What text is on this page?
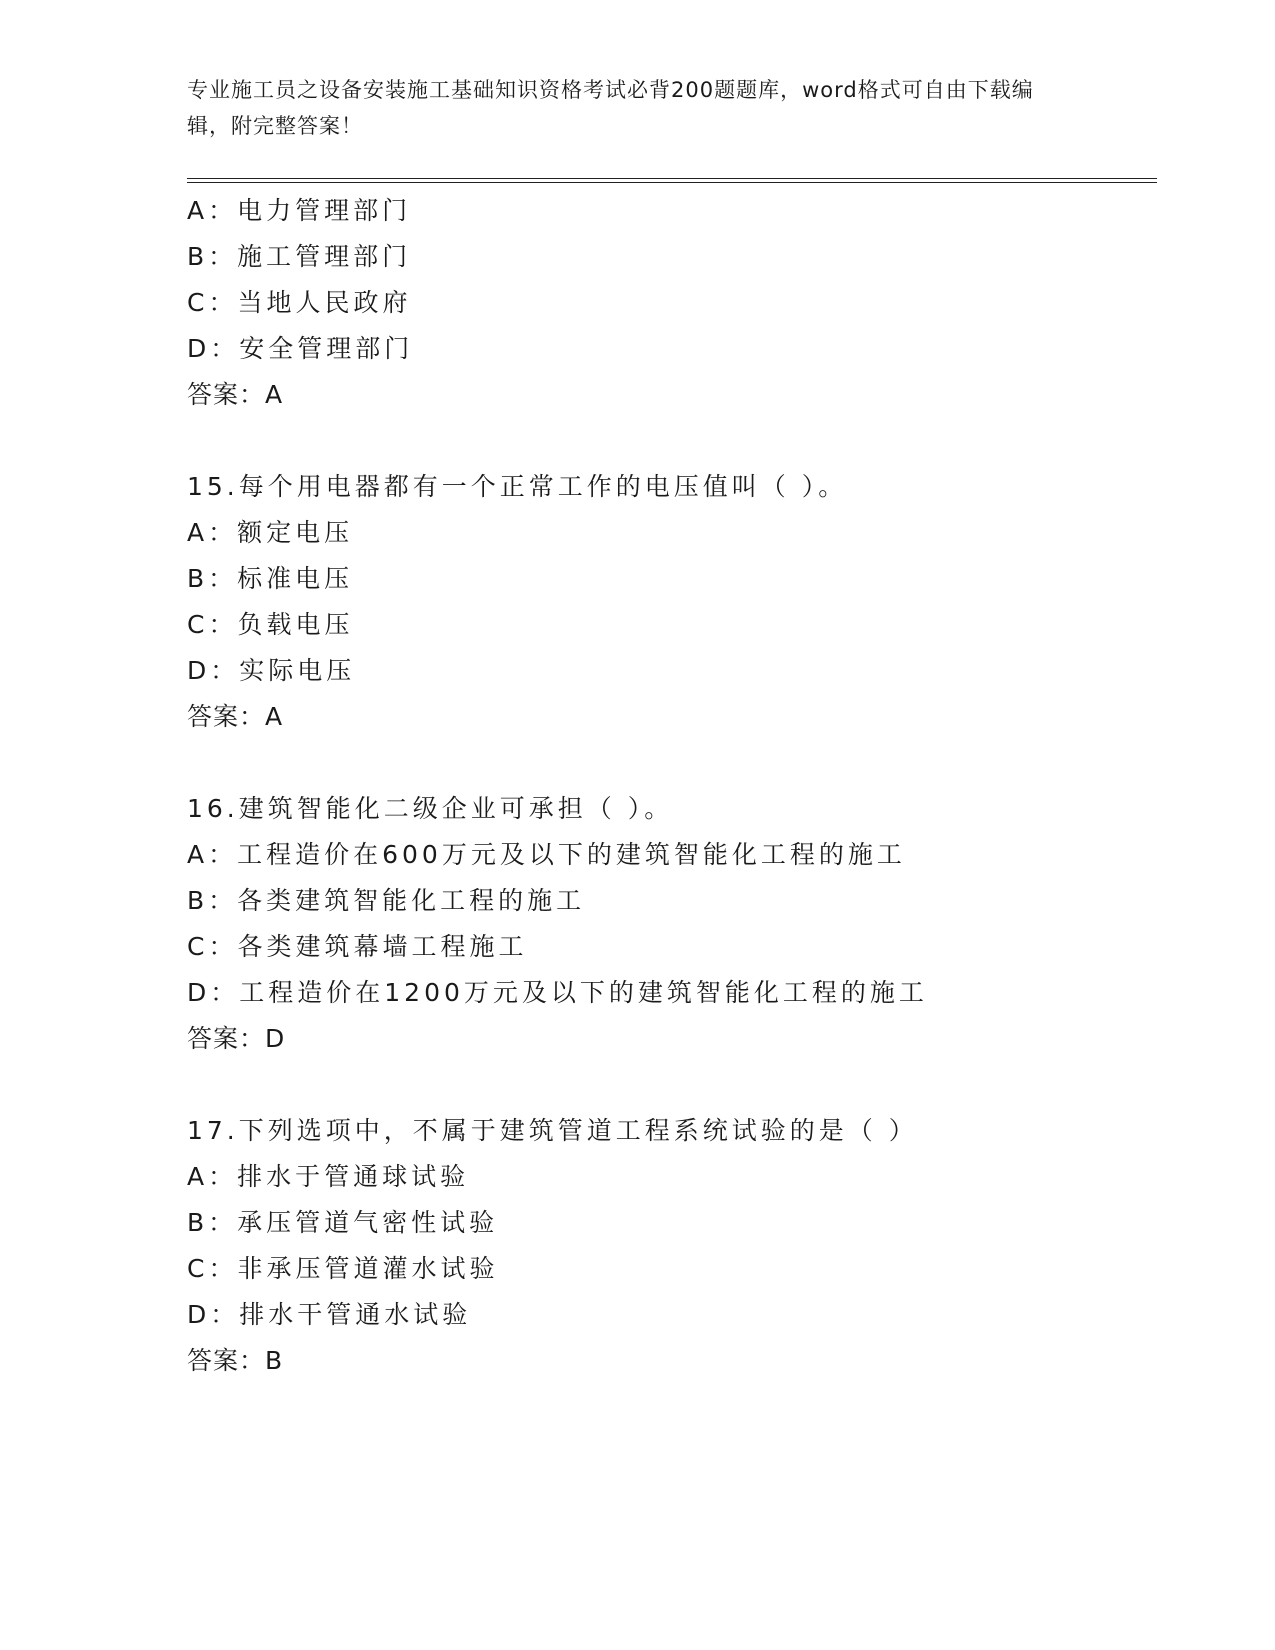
专业施工员之设备安装施工基础知识资格考试必背200题题库，word格式可自由下载编辑，附完整答案！
A：电力管理部门
B：施工管理部门
C：当地人民政府
D：安全管理部门
答案：A
15.每个用电器都有一个正常工作的电压值叫（ ）。
A：额定电压
B：标准电压
C：负载电压
D：实际电压
答案：A
16.建筑智能化二级企业可承担（ ）。
A：工程造价在600万元及以下的建筑智能化工程的施工
B：各类建筑智能化工程的施工
C：各类建筑幕墙工程施工
D：工程造价在1200万元及以下的建筑智能化工程的施工
答案：D
17.下列选项中，不属于建筑管道工程系统试验的是（ ）
A：排水于管通球试验
B：承压管道气密性试验
C：非承压管道灌水试验
D：排水干管通水试验
答案：B
